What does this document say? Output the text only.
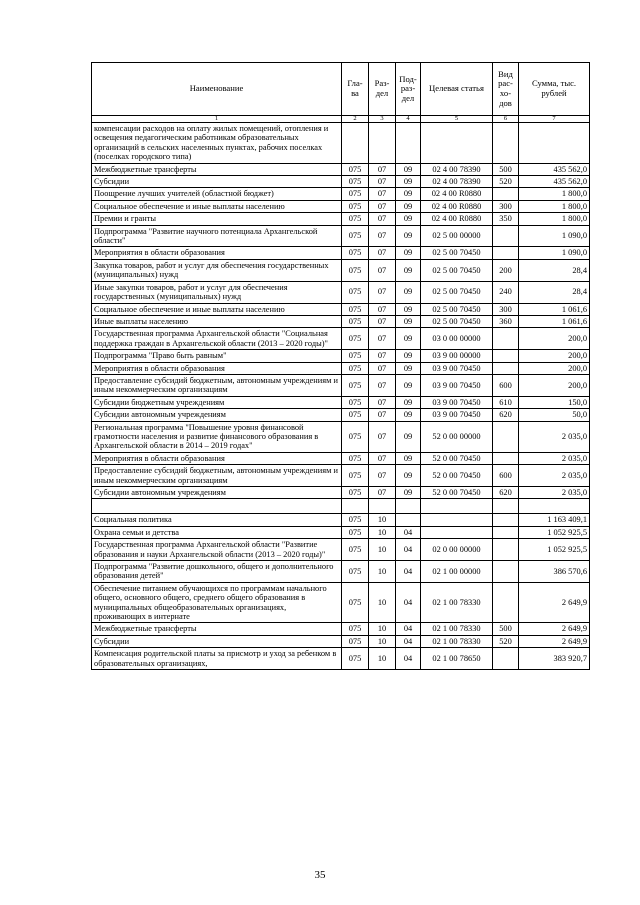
Наименование	Гла-ва	Раз-дел	Под-раз-дел	Целевая статья	Вид рас-хо-дов	Сумма, тыс. рублей
1	2	3	4	5	6	7
компенсации расходов на оплату жилых помещений, отопления и освещения педагогическим работникам образовательных организаций в сельских населенных пунктах, рабочих поселках (поселках городского типа)						
Межбюджетные трансферты	075	07	09	02 4 00 78390	500	435 562,0
Субсидии	075	07	09	02 4 00 78390	520	435 562,0
Поощрение лучших учителей (областной бюджет)	075	07	09	02 4 00 R0880		1 800,0
Социальное обеспечение и иные выплаты населению	075	07	09	02 4 00 R0880	300	1 800,0
Премии и гранты	075	07	09	02 4 00 R0880	350	1 800,0
Подпрограмма "Развитие научного потенциала Архангельской области"	075	07	09	02 5 00 00000		1 090,0
Мероприятия в области образования	075	07	09	02 5 00 70450		1 090,0
Закупка товаров, работ и услуг для обеспечения государственных (муниципальных) нужд	075	07	09	02 5 00 70450	200	28,4
Иные закупки товаров, работ и услуг для обеспечения государственных (муниципальных) нужд	075	07	09	02 5 00 70450	240	28,4
Социальное обеспечение и иные выплаты населению	075	07	09	02 5 00 70450	300	1 061,6
Иные выплаты населению	075	07	09	02 5 00 70450	360	1 061,6
Государственная программа Архангельской области "Социальная поддержка граждан в Архангельской области (2013 – 2020 годы)"	075	07	09	03 0 00 00000		200,0
Подпрограмма "Право быть равным"	075	07	09	03 9 00 00000		200,0
Мероприятия в области образования	075	07	09	03 9 00 70450		200,0
Предоставление субсидий бюджетным, автономным учреждениям и иным некоммерческим организациям	075	07	09	03 9 00 70450	600	200,0
Субсидии бюджетным учреждениям	075	07	09	03 9 00 70450	610	150,0
Субсидии автономным учреждениям	075	07	09	03 9 00 70450	620	50,0
Региональная программа "Повышение уровня финансовой грамотности населения и развитие финансового образования в Архангельской области в 2014 – 2019 годах"	075	07	09	52 0 00 00000		2 035,0
Мероприятия в области образования	075	07	09	52 0 00 70450		2 035,0
Предоставление субсидий бюджетным, автономным учреждениям и иным некоммерческим организациям	075	07	09	52 0 00 70450	600	2 035,0
Субсидии автономным учреждениям	075	07	09	52 0 00 70450	620	2 035,0

Социальная политика	075	10				1 163 409,1
Охрана семьи и детства	075	10	04			1 052 925,5
Государственная программа Архангельской области "Развитие образования и науки Архангельской области (2013 – 2020 годы)"	075	10	04	02 0 00 00000		1 052 925,5
Подпрограмма "Развитие дошкольного, общего и дополнительного образования детей"	075	10	04	02 1 00 00000		386 570,6
Обеспечение питанием обучающихся по программам начального общего, основного общего, среднего общего образования в муниципальных общеобразовательных организациях, проживающих в интернате	075	10	04	02 1 00 78330		2 649,9
Межбюджетные трансферты	075	10	04	02 1 00 78330	500	2 649,9
Субсидии	075	10	04	02 1 00 78330	520	2 649,9
Компенсация родительской платы за присмотр и уход за ребенком в образовательных организациях,	075	10	04	02 1 00 78650		383 920,7
35
